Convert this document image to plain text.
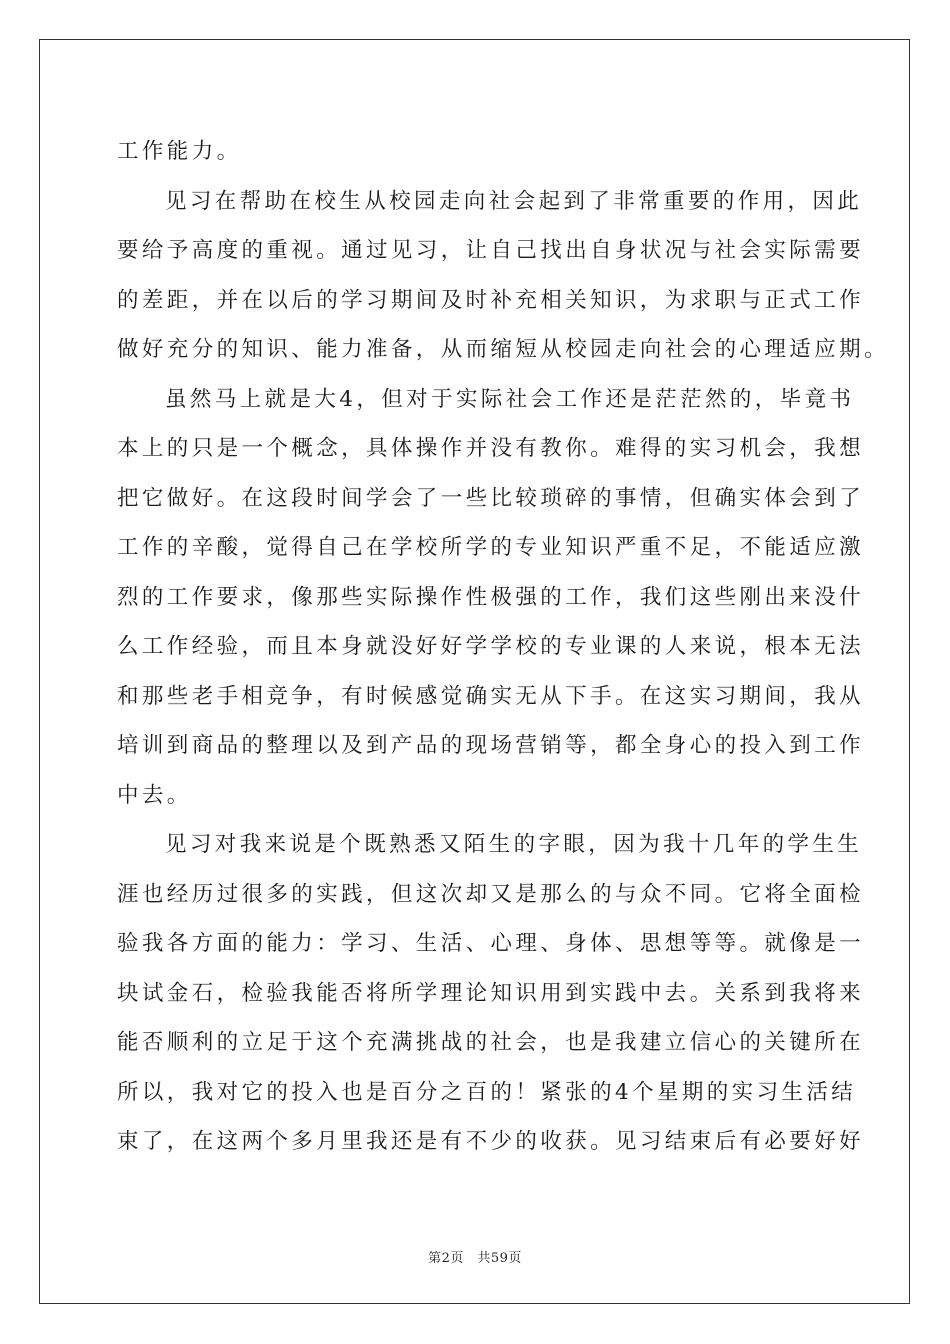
工作能力。
见习在帮助在校生从校园走向社会起到了非常重要的作用，因此
要给予高度的重视。通过见习，让自己找出自身状况与社会实际需要
的差距，并在以后的学习期间及时补充相关知识，为求职与正式工作
做好充分的知识、能力准备，从而缩短从校园走向社会的心理适应期。
虽然马上就是大4，但对于实际社会工作还是茫茫然的，毕竟书
本上的只是一个概念，具体操作并没有教你。难得的实习机会，我想
把它做好。在这段时间学会了一些比较琐碎的事情，但确实体会到了
工作的辛酸，觉得自己在学校所学的专业知识严重不足，不能适应激
烈的工作要求，像那些实际操作性极强的工作，我们这些刚出来没什
么工作经验，而且本身就没好好学学校的专业课的人来说，根本无法
和那些老手相竞争，有时候感觉确实无从下手。在这实习期间，我从
培训到商品的整理以及到产品的现场营销等，都全身心的投入到工作
中去。
见习对我来说是个既熟悉又陌生的字眼，因为我十几年的学生生
涯也经历过很多的实践，但这次却又是那么的与众不同。它将全面检
验我各方面的能力：学习、生活、心理、身体、思想等等。就像是一
块试金石，检验我能否将所学理论知识用到实践中去。关系到我将来
能否顺利的立足于这个充满挑战的社会，也是我建立信心的关键所在
所以，我对它的投入也是百分之百的！紧张的4个星期的实习生活结
束了，在这两个多月里我还是有不少的收获。见习结束后有必要好好
第2页　共59页
